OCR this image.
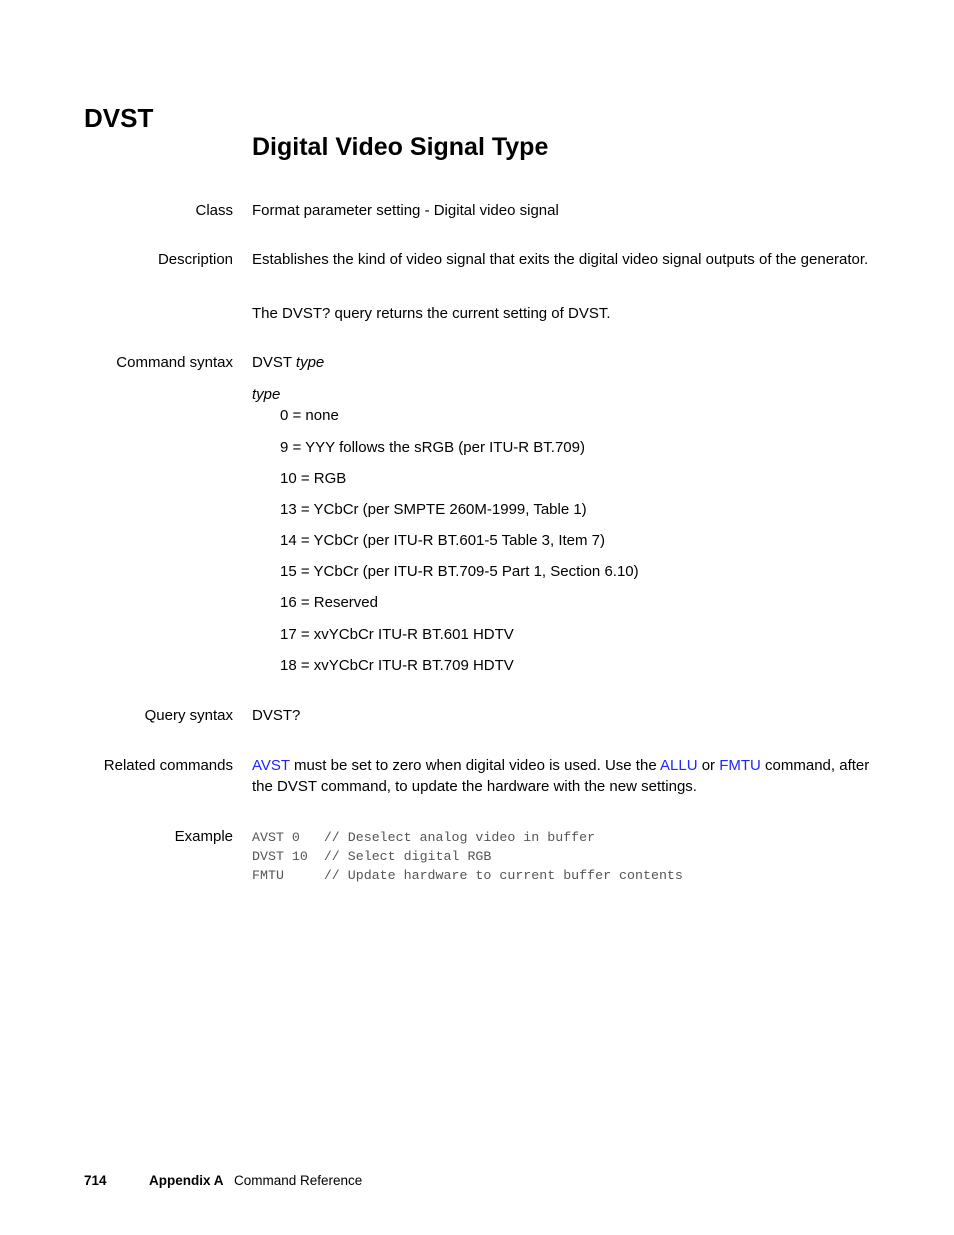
DVST
Digital Video Signal Type
Class Format parameter setting - Digital video signal
Description Establishes the kind of video signal that exits the digital video signal outputs of the generator.
The DVST? query returns the current setting of DVST.
Command syntax DVST type
type
0 = none
9 = YYY follows the sRGB (per ITU-R BT.709)
10 = RGB
13 = YCbCr (per SMPTE 260M-1999, Table 1)
14 = YCbCr (per ITU-R BT.601-5 Table 3, Item 7)
15 = YCbCr (per ITU-R BT.709-5 Part 1, Section 6.10)
16 = Reserved
17 = xvYCbCr ITU-R BT.601 HDTV
18 = xvYCbCr ITU-R BT.709 HDTV
Query syntax DVST?
Related commands AVST must be set to zero when digital video is used. Use the ALLU or FMTU command, after the DVST command, to update the hardware with the new settings.
Example AVST 0   // Deselect analog video in buffer
DVST 10  // Select digital RGB
FMTU     // Update hardware to current buffer contents
714	Appendix A Command Reference
